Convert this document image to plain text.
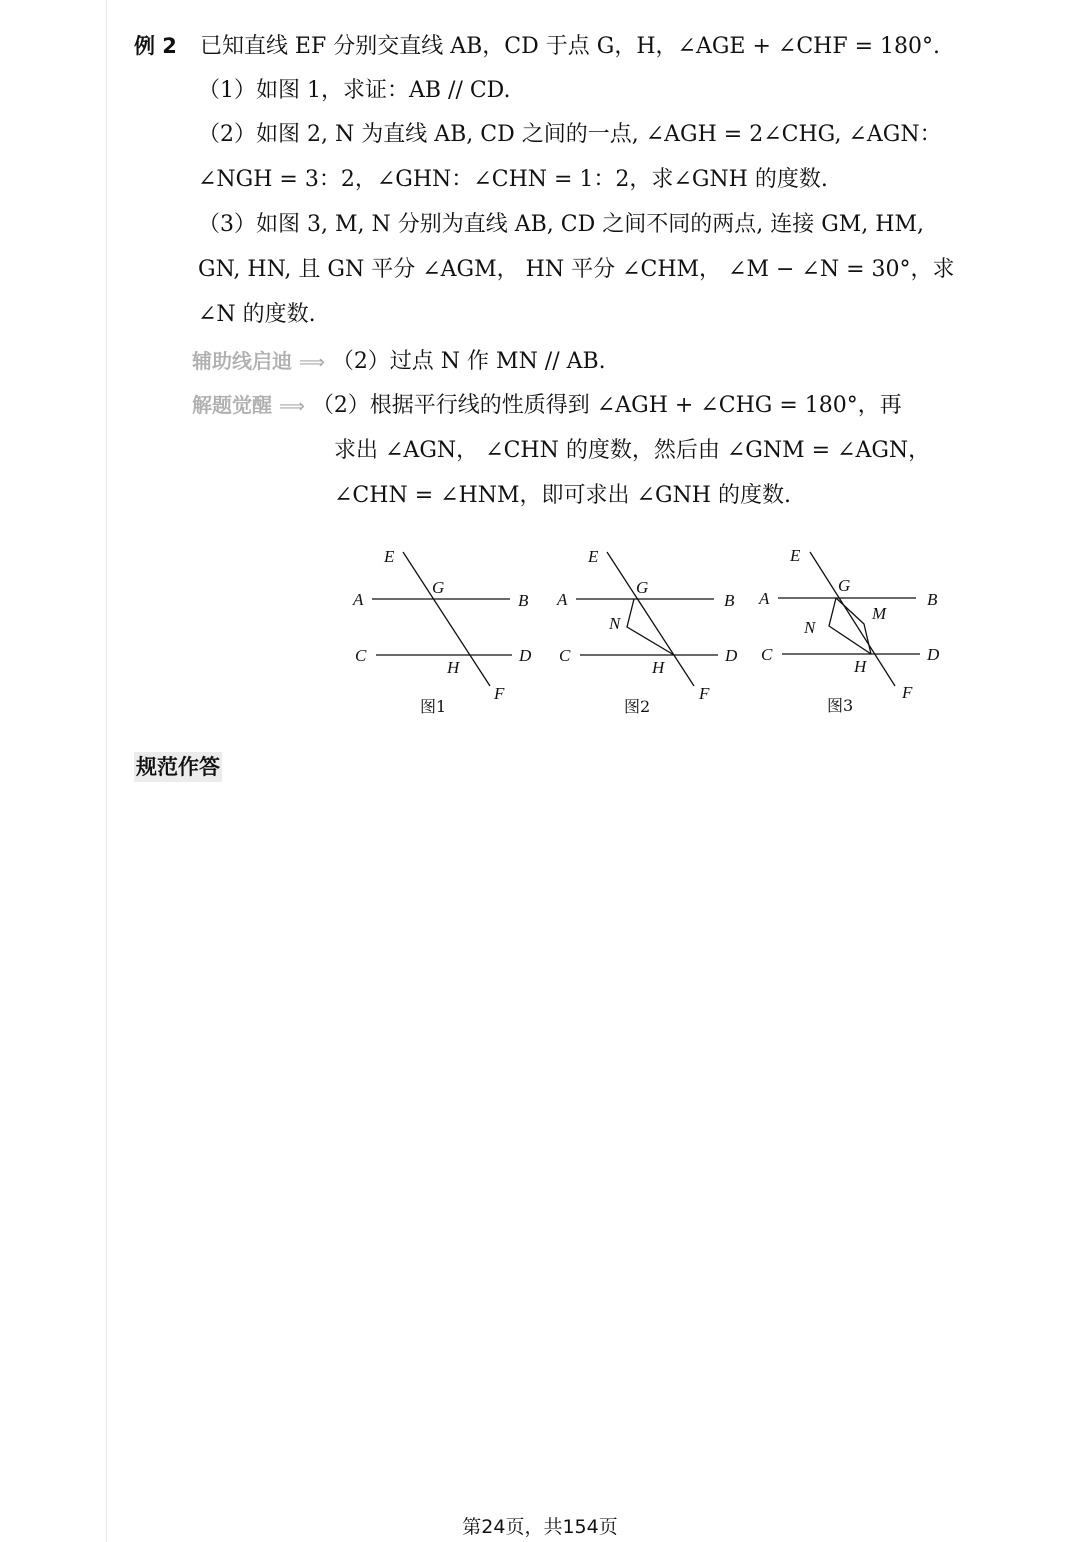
例 2 已知直线 EF 分别交直线 AB，CD 于点 G，H，∠AGE + ∠CHF = 180°.
（1）如图 1，求证：AB // CD.
（2）如图 2, N 为直线 AB, CD 之间的一点, ∠AGH = 2∠CHG, ∠AGN：
∠NGH = 3：2，∠GHN：∠CHN = 1：2，求∠GNH 的度数.
（3）如图 3, M, N 分别为直线 AB, CD 之间不同的两点, 连接 GM, HM,
GN, HN, 且 GN 平分 ∠AGM， HN 平分 ∠CHM， ∠M − ∠N = 30°，求
∠N 的度数.
辅助线启迪 ⟹ （2）过点 N 作 MN // AB.
解题觉醒 ⟹ （2）根据平行线的性质得到 ∠AGH + ∠CHG = 180°，再
求出 ∠AGN， ∠CHN 的度数，然后由 ∠GNM = ∠AGN，
∠CHN = ∠HNM，即可求出 ∠GNH 的度数.
E
A
G
B
C
H
D
F
图1
E
A
G
B
N
C
H
D
F
图2
E
A
G
B
M
N
C
H
D
F
图3
规范作答
第24页，共154页
